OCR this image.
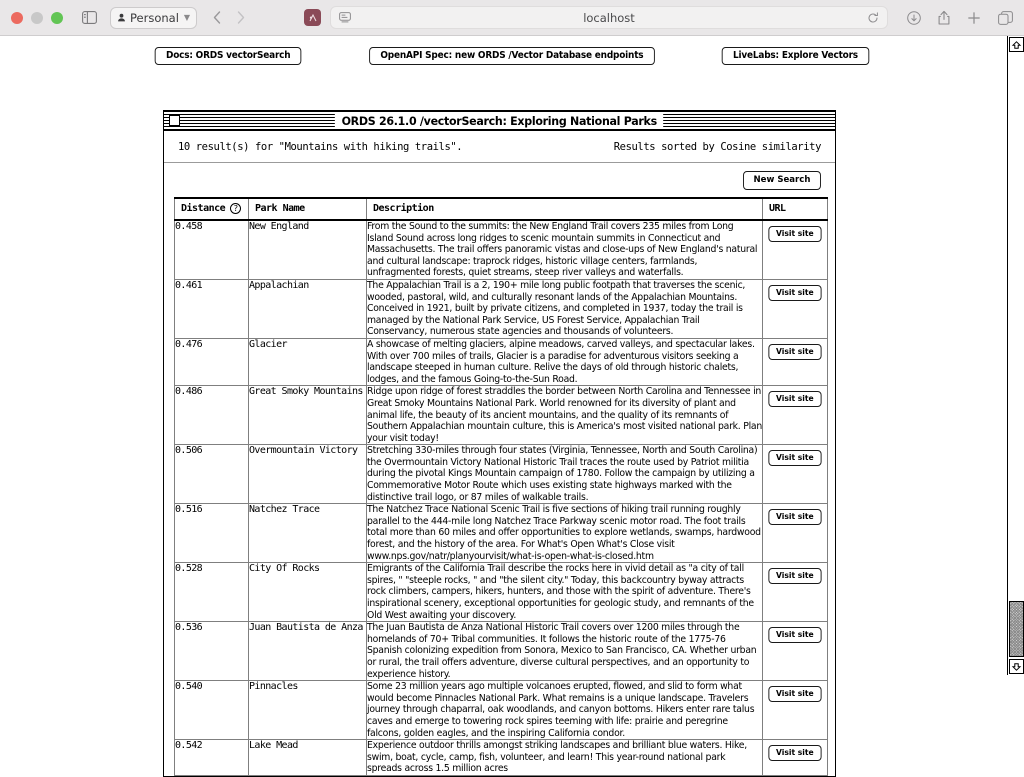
Personal ▼	localhost
Docs: ORDS vectorSearch	OpenAPI Spec: new ORDS /Vector Database endpoints	LiveLabs: Explore Vectors
ORDS 26.1.0 /vectorSearch: Exploring National Parks
10 result(s) for "Mountains with hiking trails".	Results sorted by Cosine similarity
New Search
Distance ?	Park Name	Description	URL
0.458	New England	From the Sound to the summits: the New England Trail covers 235 miles from Long Island Sound across long ridges to scenic mountain summits in Connecticut and Massachusetts. The trail offers panoramic vistas and close-ups of New England's natural and cultural landscape: traprock ridges, historic village centers, farmlands, unfragmented forests, quiet streams, steep river valleys and waterfalls.	Visit site
0.461	Appalachian	The Appalachian Trail is a 2, 190+ mile long public footpath that traverses the scenic, wooded, pastoral, wild, and culturally resonant lands of the Appalachian Mountains. Conceived in 1921, built by private citizens, and completed in 1937, today the trail is managed by the National Park Service, US Forest Service, Appalachian Trail Conservancy, numerous state agencies and thousands of volunteers.	Visit site
0.476	Glacier	A showcase of melting glaciers, alpine meadows, carved valleys, and spectacular lakes. With over 700 miles of trails, Glacier is a paradise for adventurous visitors seeking a landscape steeped in human culture. Relive the days of old through historic chalets, lodges, and the famous Going-to-the-Sun Road.	Visit site
0.486	Great Smoky Mountains	Ridge upon ridge of forest straddles the border between North Carolina and Tennessee in Great Smoky Mountains National Park. World renowned for its diversity of plant and animal life, the beauty of its ancient mountains, and the quality of its remnants of Southern Appalachian mountain culture, this is America's most visited national park. Plan your visit today!	Visit site
0.506	Overmountain Victory	Stretching 330-miles through four states (Virginia, Tennessee, North and South Carolina) the Overmountain Victory National Historic Trail traces the route used by Patriot militia during the pivotal Kings Mountain campaign of 1780. Follow the campaign by utilizing a Commemorative Motor Route which uses existing state highways marked with the distinctive trail logo, or 87 miles of walkable trails.	Visit site
0.516	Natchez Trace	The Natchez Trace National Scenic Trail is five sections of hiking trail running roughly parallel to the 444-mile long Natchez Trace Parkway scenic motor road. The foot trails total more than 60 miles and offer opportunities to explore wetlands, swamps, hardwood forest, and the history of the area. For What's Open What's Close visit www.nps.gov/natr/planyourvisit/what-is-open-what-is-closed.htm	Visit site
0.528	City Of Rocks	Emigrants of the California Trail describe the rocks here in vivid detail as "a city of tall spires, " "steeple rocks, " and "the silent city." Today, this backcountry byway attracts rock climbers, campers, hikers, hunters, and those with the spirit of adventure. There's inspirational scenery, exceptional opportunities for geologic study, and remnants of the Old West awaiting your discovery.	Visit site
0.536	Juan Bautista de Anza	The Juan Bautista de Anza National Historic Trail covers over 1200 miles through the homelands of 70+ Tribal communities. It follows the historic route of the 1775-76 Spanish colonizing expedition from Sonora, Mexico to San Francisco, CA. Whether urban or rural, the trail offers adventure, diverse cultural perspectives, and an opportunity to experience history.	Visit site
0.540	Pinnacles	Some 23 million years ago multiple volcanoes erupted, flowed, and slid to form what would become Pinnacles National Park. What remains is a unique landscape. Travelers journey through chaparral, oak woodlands, and canyon bottoms. Hikers enter rare talus caves and emerge to towering rock spires teeming with life: prairie and peregrine falcons, golden eagles, and the inspiring California condor.	Visit site
0.542	Lake Mead	Experience outdoor thrills amongst striking landscapes and brilliant blue waters. Hike, swim, boat, cycle, camp, fish, volunteer, and learn! This year-round national park spreads across 1.5 million acres	Visit site
